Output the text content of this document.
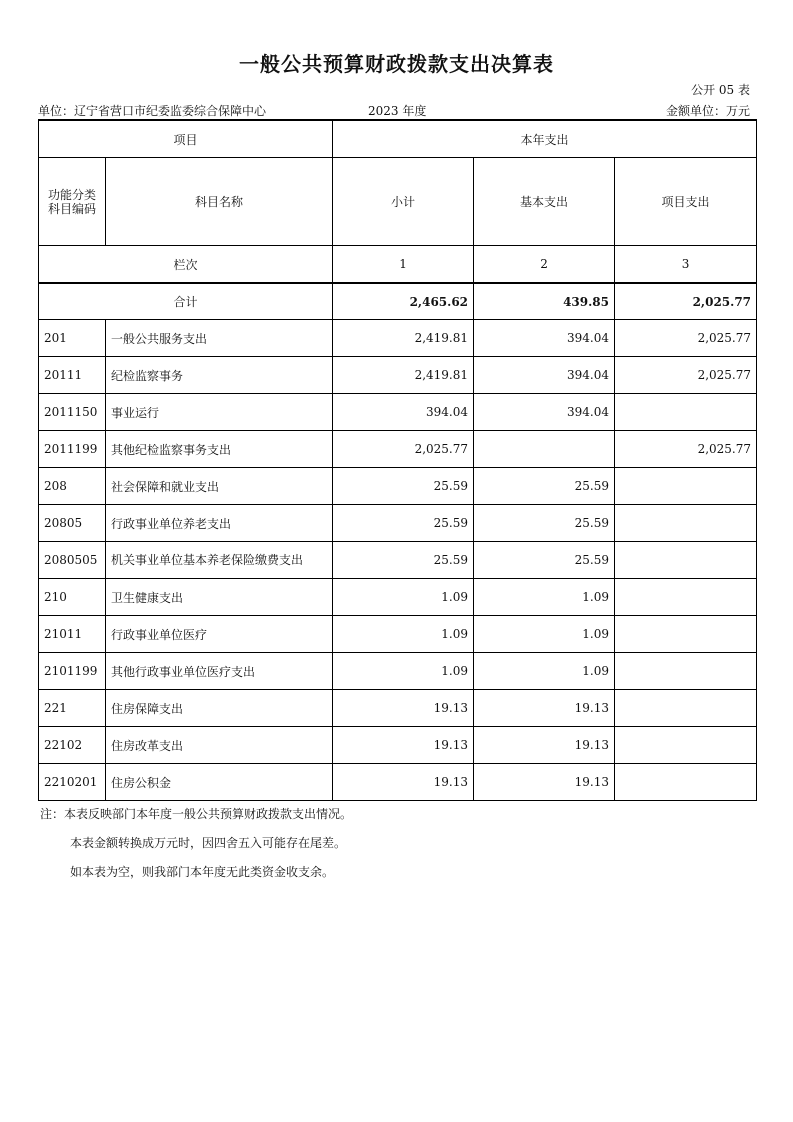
一般公共预算财政拨款支出决算表
公开 05 表
单位：辽宁省营口市纪委监委综合保障中心	2023 年度	金额单位：万元
项目		本年支出		
功能分类科目编码	科目名称	小计	基本支出	项目支出
栏次		1	2	3
合计		2,465.62	439.85	2,025.77
201	一般公共服务支出	2,419.81	394.04	2,025.77
20111	纪检监察事务	2,419.81	394.04	2,025.77
2011150	事业运行	394.04	394.04	
2011199	其他纪检监察事务支出	2,025.77		2,025.77
208	社会保障和就业支出	25.59	25.59	
20805	行政事业单位养老支出	25.59	25.59	
2080505	机关事业单位基本养老保险缴费支出	25.59	25.59	
210	卫生健康支出	1.09	1.09	
21011	行政事业单位医疗	1.09	1.09	
2101199	其他行政事业单位医疗支出	1.09	1.09	
221	住房保障支出	19.13	19.13	
22102	住房改革支出	19.13	19.13	
2210201	住房公积金	19.13	19.13	
注：本表反映部门本年度一般公共预算财政拨款支出情况。
本表金额转换成万元时，因四舍五入可能存在尾差。
如本表为空，则我部门本年度无此类资金收支余。
